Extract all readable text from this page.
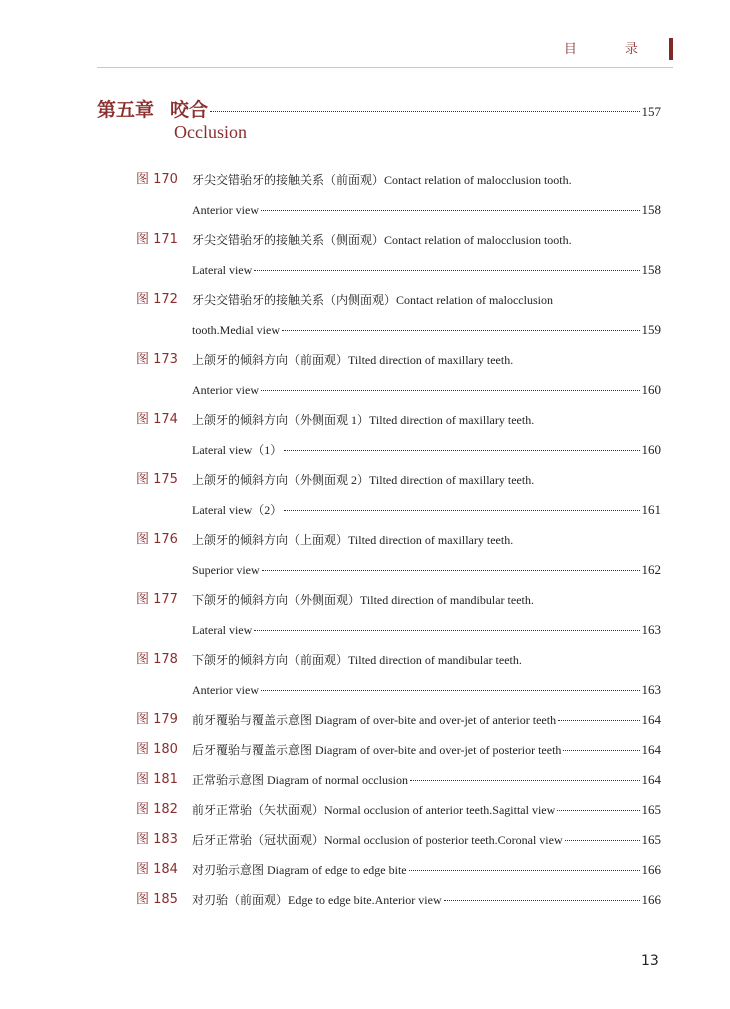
目 录
第五章 咬合	157
Occlusion
图 170 牙尖交错骀牙的接触关系（前面观）Contact relation of malocclusion tooth.
Anterior view	158
图 171 牙尖交错骀牙的接触关系（侧面观）Contact relation of malocclusion tooth.
Lateral view	158
图 172 牙尖交错骀牙的接触关系（内侧面观）Contact relation of malocclusion
tooth.Medial view	159
图 173 上颌牙的倾斜方向（前面观）Tilted direction of maxillary teeth.
Anterior view	160
图 174 上颌牙的倾斜方向（外侧面观 1）Tilted direction of maxillary teeth.
Lateral view（1）	160
图 175 上颌牙的倾斜方向（外侧面观 2）Tilted direction of maxillary teeth.
Lateral view（2）	161
图 176 上颌牙的倾斜方向（上面观）Tilted direction of maxillary teeth.
Superior view	162
图 177 下颌牙的倾斜方向（外侧面观）Tilted direction of mandibular teeth.
Lateral view	163
图 178 下颌牙的倾斜方向（前面观）Tilted direction of mandibular teeth.
Anterior view	163
图 179 前牙覆骀与覆盖示意图 Diagram of over-bite and over-jet of anterior teeth	164
图 180 后牙覆骀与覆盖示意图 Diagram of over-bite and over-jet of posterior teeth	164
图 181 正常骀示意图 Diagram of normal occlusion	164
图 182 前牙正常骀（矢状面观）Normal occlusion of anterior teeth.Sagittal view	165
图 183 后牙正常骀（冠状面观）Normal occlusion of posterior teeth.Coronal view	165
图 184 对刃骀示意图 Diagram of edge to edge bite	166
图 185 对刃骀（前面观）Edge to edge bite.Anterior view	166
13
